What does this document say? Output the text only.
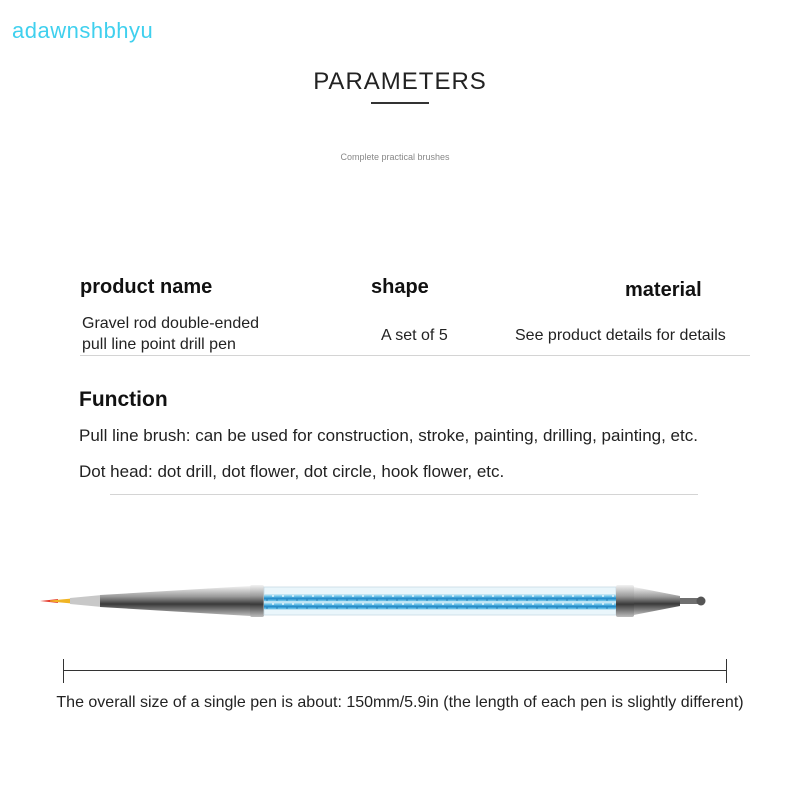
adawnshbhyu
PARAMETERS
Complete practical brushes
product name	shape	material
Gravel rod double-ended
pull line point drill pen
A set of 5	See product details for details
Function
Pull line brush: can be used for construction, stroke, painting, drilling, painting, etc.
Dot head: dot drill, dot flower, dot circle, hook flower, etc.
The overall size of a single pen is about: 150mm/5.9in (the length of each pen is slightly different)
